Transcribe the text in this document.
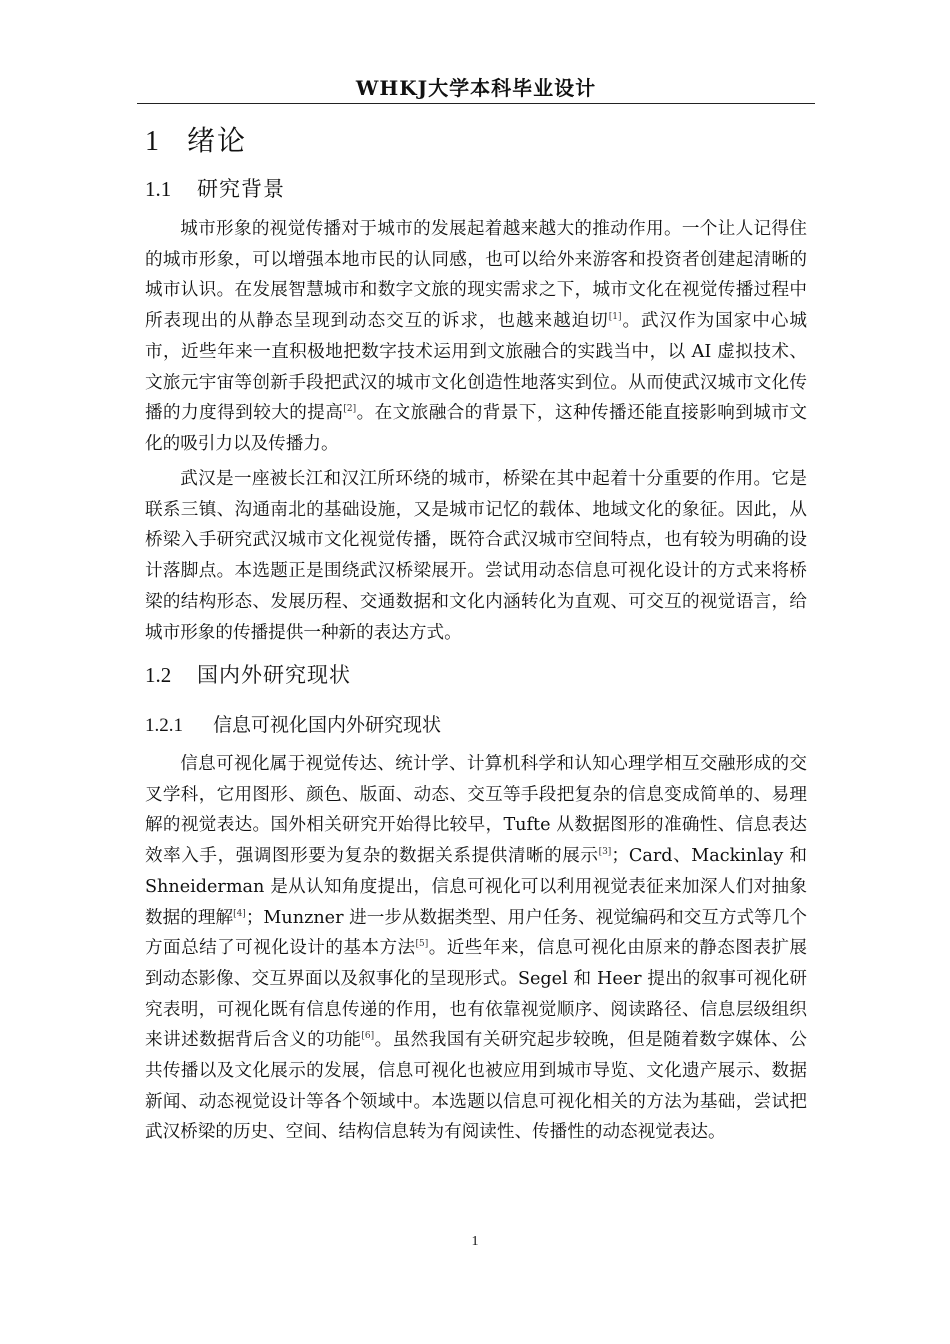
WHKJ大学本科毕业设计
1 绪论
1.1 研究背景

城市形象的视觉传播对于城市的发展起着越来越大的推动作用。一个让人记得住的城市形象，可以增强本地市民的认同感，也可以给外来游客和投资者创建起清晰的城市认识。在发展智慧城市和数字文旅的现实需求之下，城市文化在视觉传播过程中所表现出的从静态呈现到动态交互的诉求，也越来越迫切[1]。武汉作为国家中心城市，近些年来一直积极地把数字技术运用到文旅融合的实践当中，以 AI 虚拟技术、文旅元宇宙等创新手段把武汉的城市文化创造性地落实到位。从而使武汉城市文化传播的力度得到较大的提高[2]。在文旅融合的背景下，这种传播还能直接影响到城市文化的吸引力以及传播力。

武汉是一座被长江和汉江所环绕的城市，桥梁在其中起着十分重要的作用。它是联系三镇、沟通南北的基础设施，又是城市记忆的载体、地域文化的象征。因此，从桥梁入手研究武汉城市文化视觉传播，既符合武汉城市空间特点，也有较为明确的设计落脚点。本选题正是围绕武汉桥梁展开。尝试用动态信息可视化设计的方式来将桥梁的结构形态、发展历程、交通数据和文化内涵转化为直观、可交互的视觉语言，给城市形象的传播提供一种新的表达方式。

1.2 国内外研究现状
1.2.1 信息可视化国内外研究现状

信息可视化属于视觉传达、统计学、计算机科学和认知心理学相互交融形成的交叉学科，它用图形、颜色、版面、动态、交互等手段把复杂的信息变成简单的、易理解的视觉表达。国外相关研究开始得比较早，Tufte 从数据图形的准确性、信息表达效率入手，强调图形要为复杂的数据关系提供清晰的展示[3]；Card、Mackinlay 和 Shneiderman 是从认知角度提出，信息可视化可以利用视觉表征来加深人们对抽象数据的理解[4]；Munzner 进一步从数据类型、用户任务、视觉编码和交互方式等几个方面总结了可视化设计的基本方法[5]。近些年来，信息可视化由原来的静态图表扩展到动态影像、交互界面以及叙事化的呈现形式。Segel 和 Heer 提出的叙事可视化研究表明，可视化既有信息传递的作用，也有依靠视觉顺序、阅读路径、信息层级组织来讲述数据背后含义的功能[6]。虽然我国有关研究起步较晚，但是随着数字媒体、公共传播以及文化展示的发展，信息可视化也被应用到城市导览、文化遗产展示、数据新闻、动态视觉设计等各个领域中。本选题以信息可视化相关的方法为基础，尝试把武汉桥梁的历史、空间、结构信息转为有阅读性、传播性的动态视觉表达。

1
